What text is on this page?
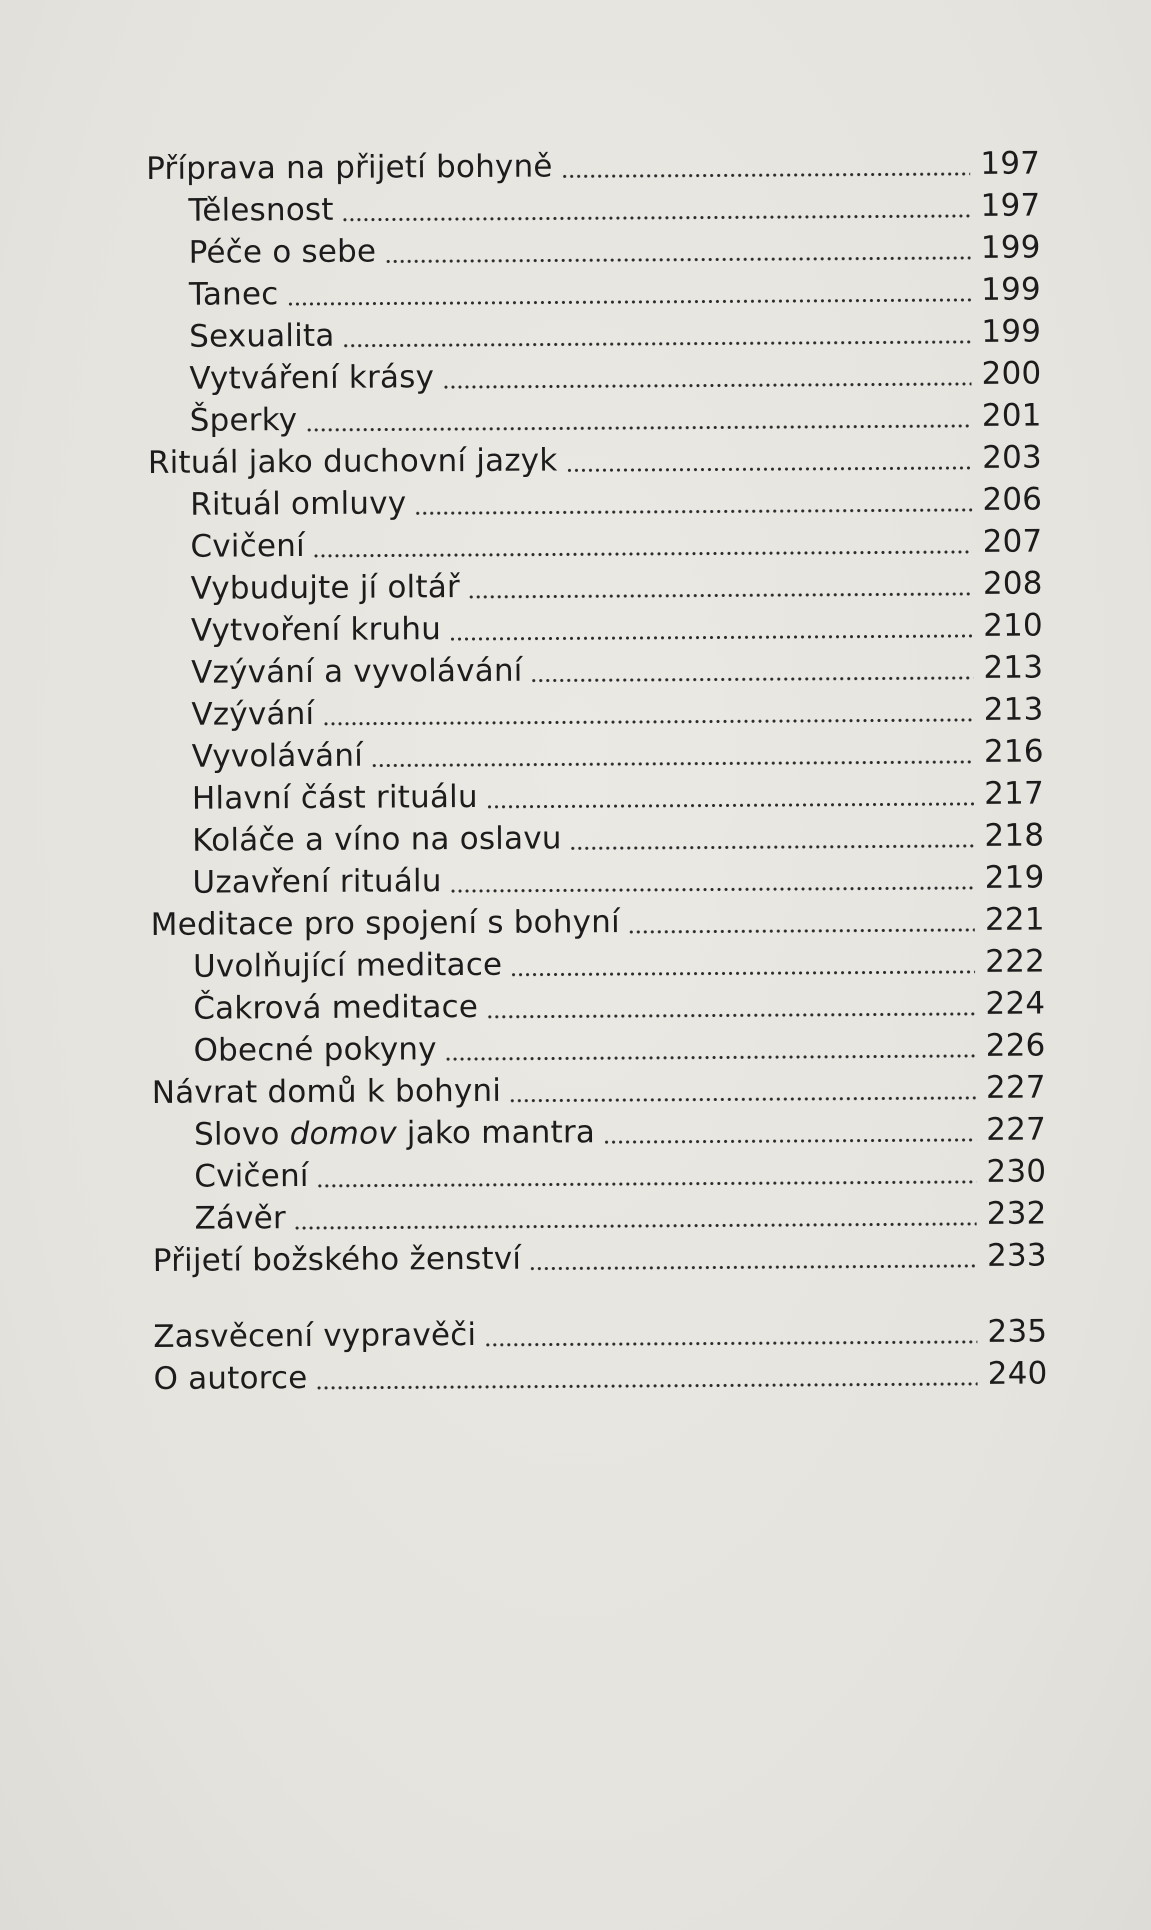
Příprava na přijetí bohyně	197
Tělesnost	197
Péče o sebe	199
Tanec	199
Sexualita	199
Vytváření krásy	200
Šperky	201
Rituál jako duchovní jazyk	203
Rituál omluvy	206
Cvičení	207
Vybudujte jí oltář	208
Vytvoření kruhu	210
Vzývání a vyvolávání	213
Vzývání	213
Vyvolávání	216
Hlavní část rituálu	217
Koláče a víno na oslavu	218
Uzavření rituálu	219
Meditace pro spojení s bohyní	221
Uvolňující meditace	222
Čakrová meditace	224
Obecné pokyny	226
Návrat domů k bohyni	227
Slovo domov jako mantra	227
Cvičení	230
Závěr	232
Přijetí božského ženství	233
Zasvěcení vypravěči	235
O autorce	240
